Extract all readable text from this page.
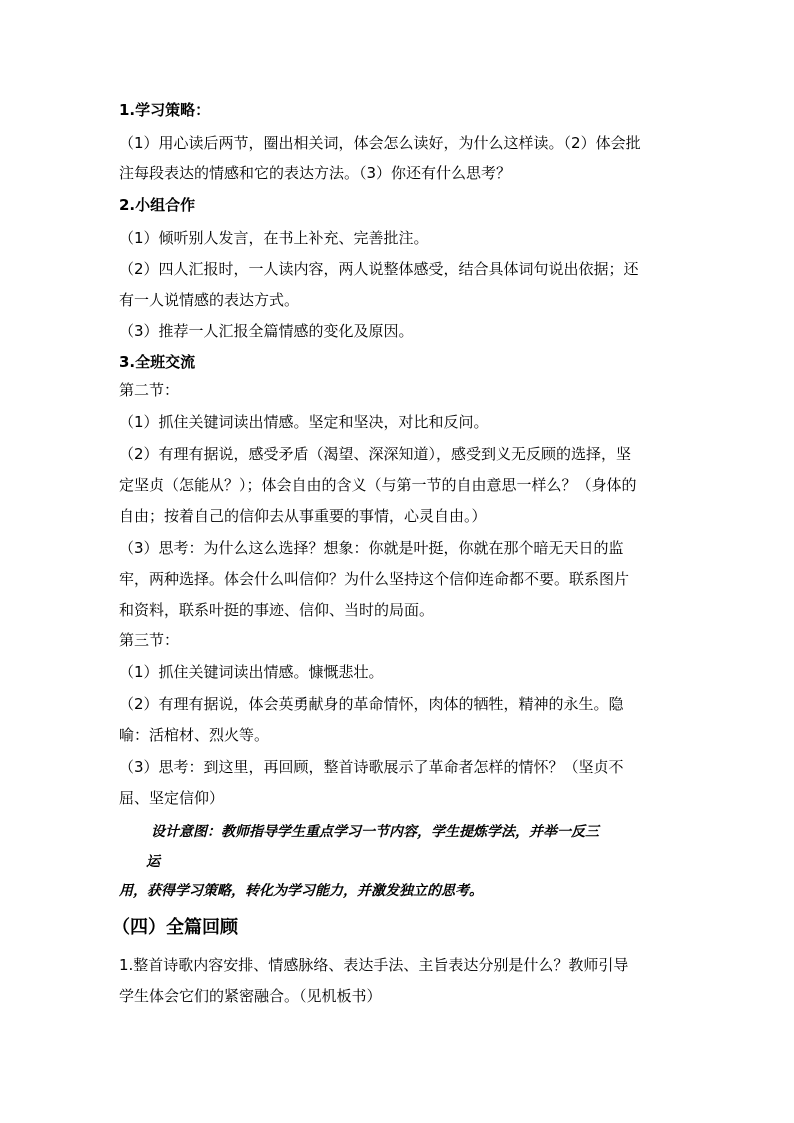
1.学习策略：
（1）用心读后两节，圈出相关词，体会怎么读好，为什么这样读。（2）体会批
注每段表达的情感和它的表达方法。（3）你还有什么思考？
2.小组合作
（1）倾听别人发言，在书上补充、完善批注。
（2）四人汇报时，一人读内容，两人说整体感受，结合具体词句说出依据；还
有一人说情感的表达方式。
（3）推荐一人汇报全篇情感的变化及原因。
3.全班交流
第二节：
（1）抓住关键词读出情感。坚定和坚决，对比和反问。
（2）有理有据说，感受矛盾（渴望、深深知道），感受到义无反顾的选择，坚
定坚贞（怎能从？）；体会自由的含义（与第一节的自由意思一样么？（身体的
自由；按着自己的信仰去从事重要的事情，心灵自由。）
（3）思考：为什么这么选择？想象：你就是叶挺，你就在那个暗无天日的监
牢，两种选择。体会什么叫信仰？为什么坚持这个信仰连命都不要。联系图片
和资料，联系叶挺的事迹、信仰、当时的局面。
第三节：
（1）抓住关键词读出情感。慷慨悲壮。
（2）有理有据说，体会英勇献身的革命情怀，肉体的牺牲，精神的永生。隐
喻：活棺材、烈火等。
（3）思考：到这里，再回顾，整首诗歌展示了革命者怎样的情怀？（坚贞不
屈、坚定信仰）
设计意图：教师指导学生重点学习一节内容，学生提炼学法，并举一反三
运
用，获得学习策略，转化为学习能力，并激发独立的思考。
（四）全篇回顾
1.整首诗歌内容安排、情感脉络、表达手法、主旨表达分别是什么？教师引导
学生体会它们的紧密融合。（见机板书）
